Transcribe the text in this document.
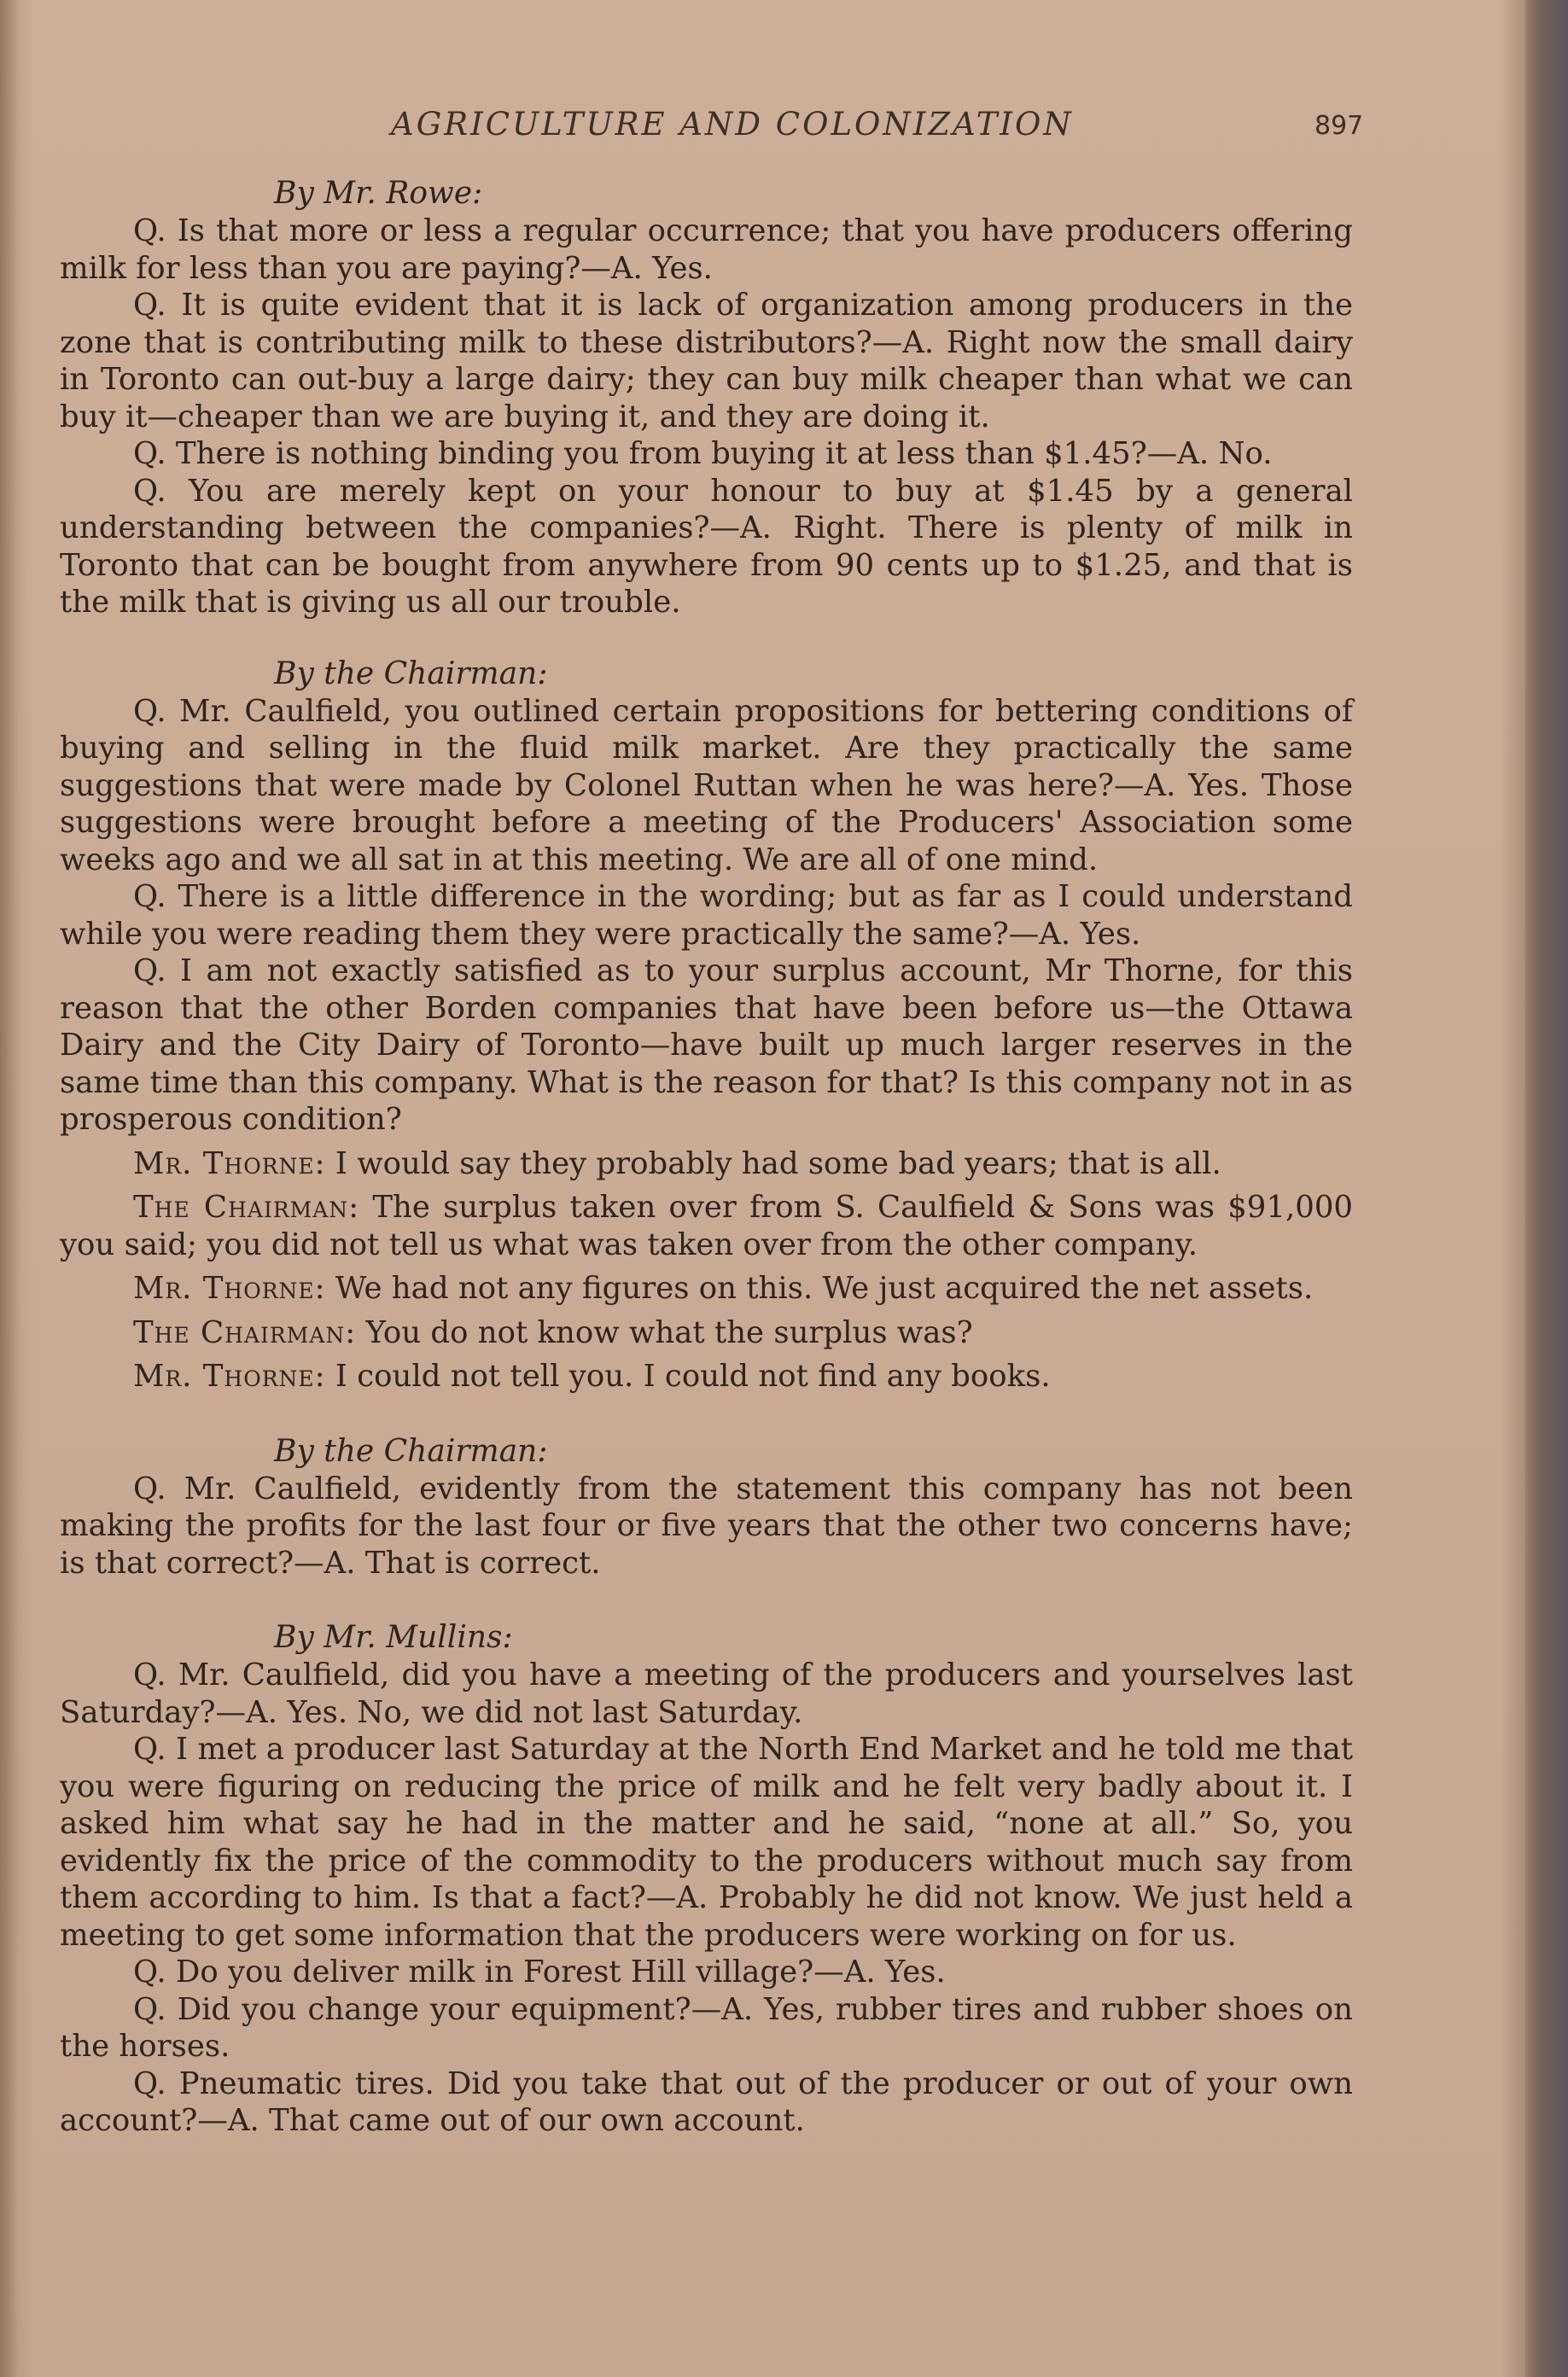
AGRICULTURE AND COLONIZATION	897

By Mr. Rowe:

Q. Is that more or less a regular occurrence; that you have producers offering milk for less than you are paying?—A. Yes.

Q. It is quite evident that it is lack of organization among producers in the zone that is contributing milk to these distributors?—A. Right now the small dairy in Toronto can out-buy a large dairy; they can buy milk cheaper than what we can buy it—cheaper than we are buying it, and they are doing it.

Q. There is nothing binding you from buying it at less than $1.45?—A. No.

Q. You are merely kept on your honour to buy at $1.45 by a general understanding between the companies?—A. Right. There is plenty of milk in Toronto that can be bought from anywhere from 90 cents up to $1.25, and that is the milk that is giving us all our trouble.

By the Chairman:

Q. Mr. Caulfield, you outlined certain propositions for bettering conditions of buying and selling in the fluid milk market. Are they practically the same suggestions that were made by Colonel Ruttan when he was here?—A. Yes. Those suggestions were brought before a meeting of the Producers' Association some weeks ago and we all sat in at this meeting. We are all of one mind.

Q. There is a little difference in the wording; but as far as I could understand while you were reading them they were practically the same?—A. Yes.

Q. I am not exactly satisfied as to your surplus account, Mr Thorne, for this reason that the other Borden companies that have been before us—the Ottawa Dairy and the City Dairy of Toronto—have built up much larger reserves in the same time than this company. What is the reason for that? Is this company not in as prosperous condition?

Mr. Thorne: I would say they probably had some bad years; that is all.

The Chairman: The surplus taken over from S. Caulfield & Sons was $91,000 you said; you did not tell us what was taken over from the other company.

Mr. Thorne: We had not any figures on this. We just acquired the net assets.

The Chairman: You do not know what the surplus was?

Mr. Thorne: I could not tell you. I could not find any books.

By the Chairman:

Q. Mr. Caulfield, evidently from the statement this company has not been making the profits for the last four or five years that the other two concerns have; is that correct?—A. That is correct.

By Mr. Mullins:

Q. Mr. Caulfield, did you have a meeting of the producers and yourselves last Saturday?—A. Yes. No, we did not last Saturday.

Q. I met a producer last Saturday at the North End Market and he told me that you were figuring on reducing the price of milk and he felt very badly about it. I asked him what say he had in the matter and he said, “none at all.” So, you evidently fix the price of the commodity to the producers without much say from them according to him. Is that a fact?—A. Probably he did not know. We just held a meeting to get some information that the producers were working on for us.

Q. Do you deliver milk in Forest Hill village?—A. Yes.

Q. Did you change your equipment?—A. Yes, rubber tires and rubber shoes on the horses.

Q. Pneumatic tires. Did you take that out of the producer or out of your own account?—A. That came out of our own account.
